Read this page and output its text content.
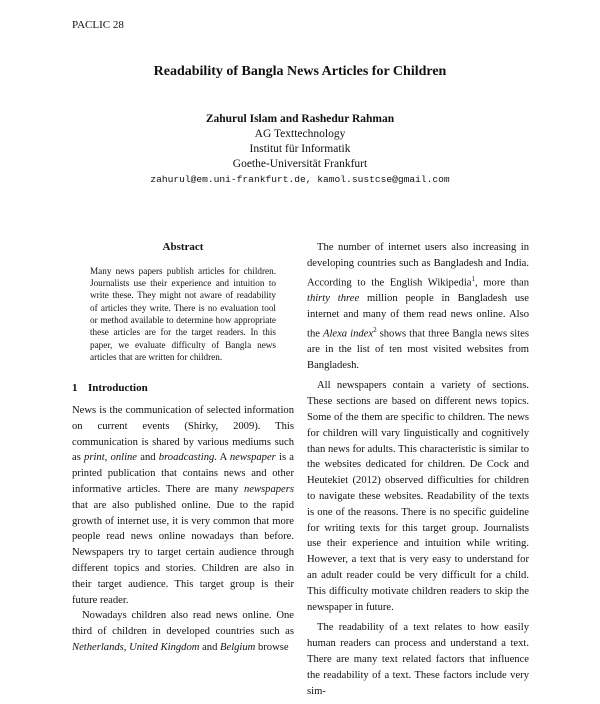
PACLIC 28
Readability of Bangla News Articles for Children
Zahurul Islam and Rashedur Rahman
AG Texttechnology
Institut für Informatik
Goethe-Universität Frankfurt
zahurul@em.uni-frankfurt.de, kamol.sustcse@gmail.com
Abstract
Many news papers publish articles for children. Journalists use their experience and intuition to write these. They might not aware of readability of articles they write. There is no evaluation tool or method available to determine how appropriate these articles are for the target readers. In this paper, we evaluate difficulty of Bangla news articles that are written for children.
1 Introduction

News is the communication of selected information on current events (Shirky, 2009). This communication is shared by various mediums such as print, online and broadcasting. A newspaper is a printed publication that contains news and other informative articles. There are many newspapers that are also published online. Due to the rapid growth of internet use, it is very common that more people read news online nowadays than before. Newspapers try to target certain audience through different topics and stories. Children are also in their target audience. This target group is their future reader.

Nowadays children also read news online. One third of children in developed countries such as Netherlands, United Kingdom and Belgium browse

The number of internet users also increasing in developing countries such as Bangladesh and India. According to the English Wikipedia$^1$, more than thirty three million people in Bangladesh use internet and many of them read news online. Also the Alexa index$^2$ shows that three Bangla news sites are in the list of ten most visited websites from Bangladesh.

All newspapers contain a variety of sections. These sections are based on different news topics. Some of the them are specific to children. The news for children will vary linguistically and cognitively than news for adults. This characteristic is similar to the websites dedicated for children. De Cock and Heutekiet (2012) observed difficulties for children to navigate these websites. Readability of the texts is one of the reasons. There is no specific guideline for writing texts for this target group. Journalists use their experience and intuition while writing. However, a text that is very easy to understand for an adult reader could be very difficult for a child. This difficulty motivate children readers to skip the newspaper in future.

The readability of a text relates to how easily human readers can process and understand a text. There are many text related factors that influence the readability of a text. These factors include very sim-
